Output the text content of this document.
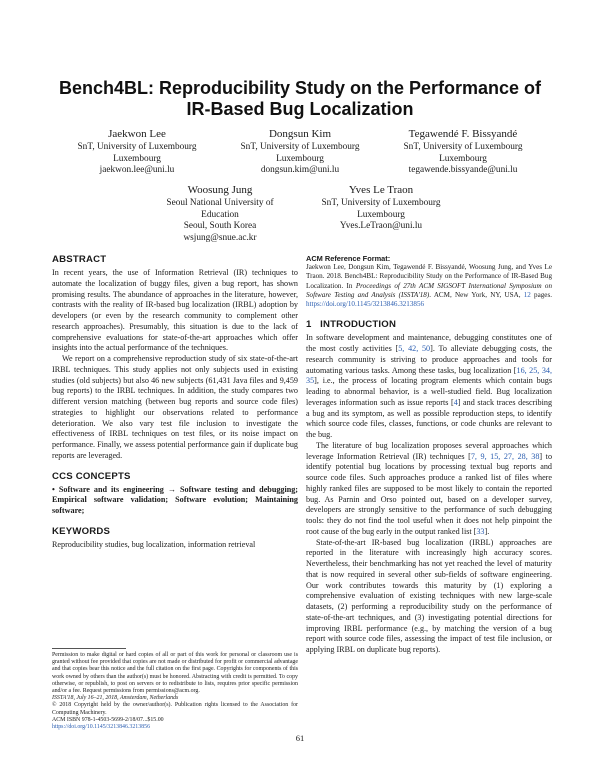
Bench4BL: Reproducibility Study on the Performance of
IR-Based Bug Localization
Jaekwon Lee
SnT, University of Luxembourg
Luxembourg
jaekwon.lee@uni.lu
Dongsun Kim
SnT, University of Luxembourg
Luxembourg
dongsun.kim@uni.lu
Tegawendé F. Bissyandé
SnT, University of Luxembourg
Luxembourg
tegawende.bissyande@uni.lu
Woosung Jung
Seoul National University of
Education
Seoul, South Korea
wsjung@snue.ac.kr
Yves Le Traon
SnT, University of Luxembourg
Luxembourg
Yves.LeTraon@uni.lu
ABSTRACT

In recent years, the use of Information Retrieval (IR) techniques to automate the localization of buggy files, given a bug report, has shown promising results. The abundance of approaches in the literature, however, contrasts with the reality of IR-based bug localization (IRBL) adoption by developers (or even by the research community to complement other research approaches). Presumably, this situation is due to the lack of comprehensive evaluations for state-of-the-art approaches which offer insights into the actual performance of the techniques.

We report on a comprehensive reproduction study of six state-of-the-art IRBL techniques. This study applies not only subjects used in existing studies (old subjects) but also 46 new subjects (61,431 Java files and 9,459 bug reports) to the IRBL techniques. In addition, the study compares two different version matching (between bug reports and source code files) strategies to highlight our observations related to performance deterioration. We also vary test file inclusion to investigate the effectiveness of IRBL techniques on test files, or its noise impact on performance. Finally, we assess potential performance gain if duplicate bug reports are leveraged.

CCS CONCEPTS

• Software and its engineering → Software testing and debugging; Empirical software validation; Software evolution; Maintaining software;

KEYWORDS

Reproducibility studies, bug localization, information retrieval

Permission to make digital or hard copies of all or part of this work for personal or classroom use is granted without fee provided that copies are not made or distributed for profit or commercial advantage and that copies bear this notice and the full citation on the first page. Copyrights for components of this work owned by others than the author(s) must be honored. Abstracting with credit is permitted. To copy otherwise, or republish, to post on servers or to redistribute to lists, requires prior specific permission and/or a fee. Request permissions from permissions@acm.org.
ISSTA'18, July 16–21, 2018, Amsterdam, Netherlands
© 2018 Copyright held by the owner/author(s). Publication rights licensed to the Association for Computing Machinery.
ACM ISBN 978-1-4503-5699-2/18/07...$15.00
https://doi.org/10.1145/3213846.3213856
ACM Reference Format:

Jaekwon Lee, Dongsun Kim, Tegawendé F. Bissyandé, Woosung Jung, and Yves Le Traon. 2018. Bench4BL: Reproducibility Study on the Performance of IR-Based Bug Localization. In Proceedings of 27th ACM SIGSOFT International Symposium on Software Testing and Analysis (ISSTA'18). ACM, New York, NY, USA, 12 pages. https://doi.org/10.1145/3213846.3213856

1   INTRODUCTION

In software development and maintenance, debugging constitutes one of the most costly activities [5, 42, 50]. To alleviate debugging costs, the research community is striving to produce approaches and tools for automating various tasks. Among these tasks, bug localization [16, 25, 34, 35], i.e., the process of locating program elements which contain bugs leading to abnormal behavior, is a well-studied field. Bug localization leverages information such as issue reports [4] and stack traces describing a bug and its symptom, as well as possible reproduction steps, to identify which source code files, classes, functions, or code chunks are relevant to the bug.

The literature of bug localization proposes several approaches which leverage Information Retrieval (IR) techniques [7, 9, 15, 27, 28, 38] to identify potential bug locations by processing textual bug reports and source code files. Such approaches produce a ranked list of files where highly ranked files are supposed to be most likely to contain the reported bug. As Parnin and Orso pointed out, based on a developer survey, developers are strongly sensitive to the performance of such debugging tools: they do not find the tool useful when it does not help pinpoint the root cause of the bug early in the output ranked list [33].

State-of-the-art IR-based bug localization (IRBL) approaches are reported in the literature with increasingly high accuracy scores. Nevertheless, their benchmarking has not yet reached the level of maturity that is now required in several other sub-fields of software engineering. Our work contributes towards this maturity by (1) exploring a comprehensive evaluation of existing techniques with new large-scale datasets, (2) performing a reproducibility study on the performance of state-of-the-art techniques, and (3) investigating potential directions for improving IRBL performance (e.g., by matching the version of a bug report with source code files, assessing the impact of test file inclusion, or applying IRBL on duplicate bug reports).

61
